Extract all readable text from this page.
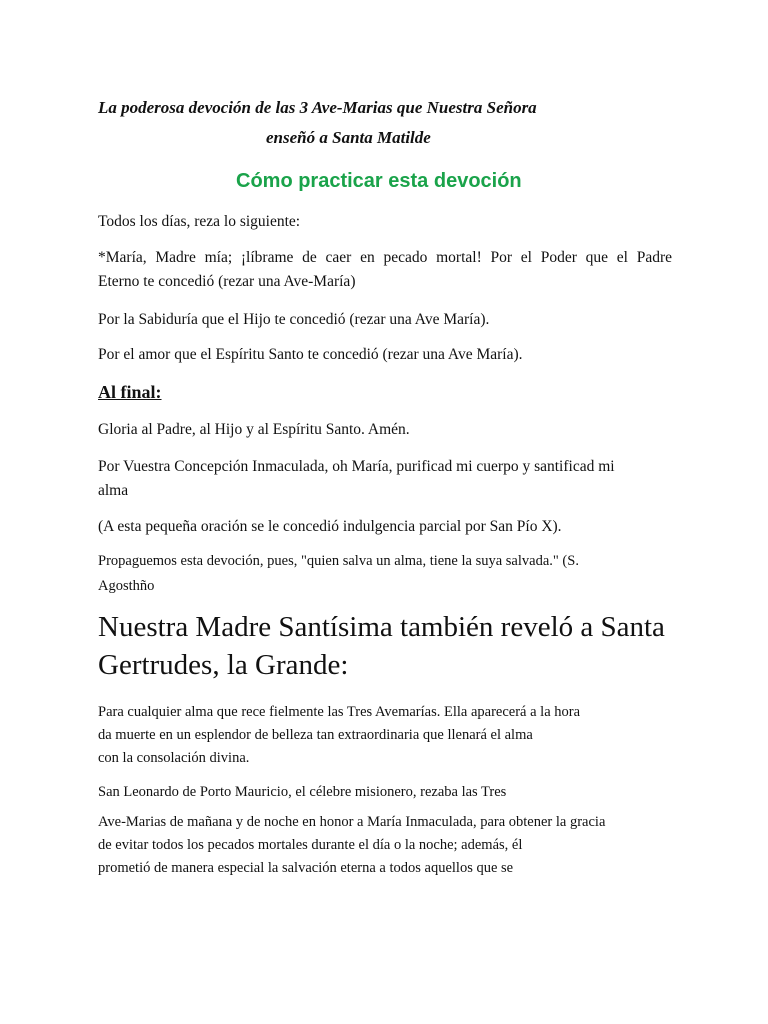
La poderosa devoción de las 3 Ave-Marias que Nuestra Señora
enseñó a Santa Matilde
Cómo practicar esta devoción
Todos los días, reza lo siguiente:
*María, Madre mía; ¡líbrame de caer en pecado mortal! Por el Poder que el Padre
Eterno te concedió (rezar una Ave-María)
Por la Sabiduría que el Hijo te concedió (rezar una Ave María).
Por el amor que el Espíritu Santo te concedió (rezar una Ave María).
Al final:
Gloria al Padre, al Hijo y al Espíritu Santo. Amén.
Por Vuestra Concepción Inmaculada, oh María, purificad mi cuerpo y santificad mi
alma
(A esta pequeña oración se le concedió indulgencia parcial por San Pío X).
Propaguemos esta devoción, pues, "quien salva un alma, tiene la suya salvada." (S.
Agosthño
Nuestra Madre Santísima también reveló a Santa
Gertrudes, la Grande:
Para cualquier alma que rece fielmente las Tres Avemarías. Ella aparecerá a la hora
da muerte en un esplendor de belleza tan extraordinaria que llenará el alma
con la consolación divina.
San Leonardo de Porto Mauricio, el célebre misionero, rezaba las Tres
Ave-Marias de mañana y de noche en honor a María Inmaculada, para obtener la gracia
de evitar todos los pecados mortales durante el día o la noche; además, él
prometió de manera especial la salvación eterna a todos aquellos que se
